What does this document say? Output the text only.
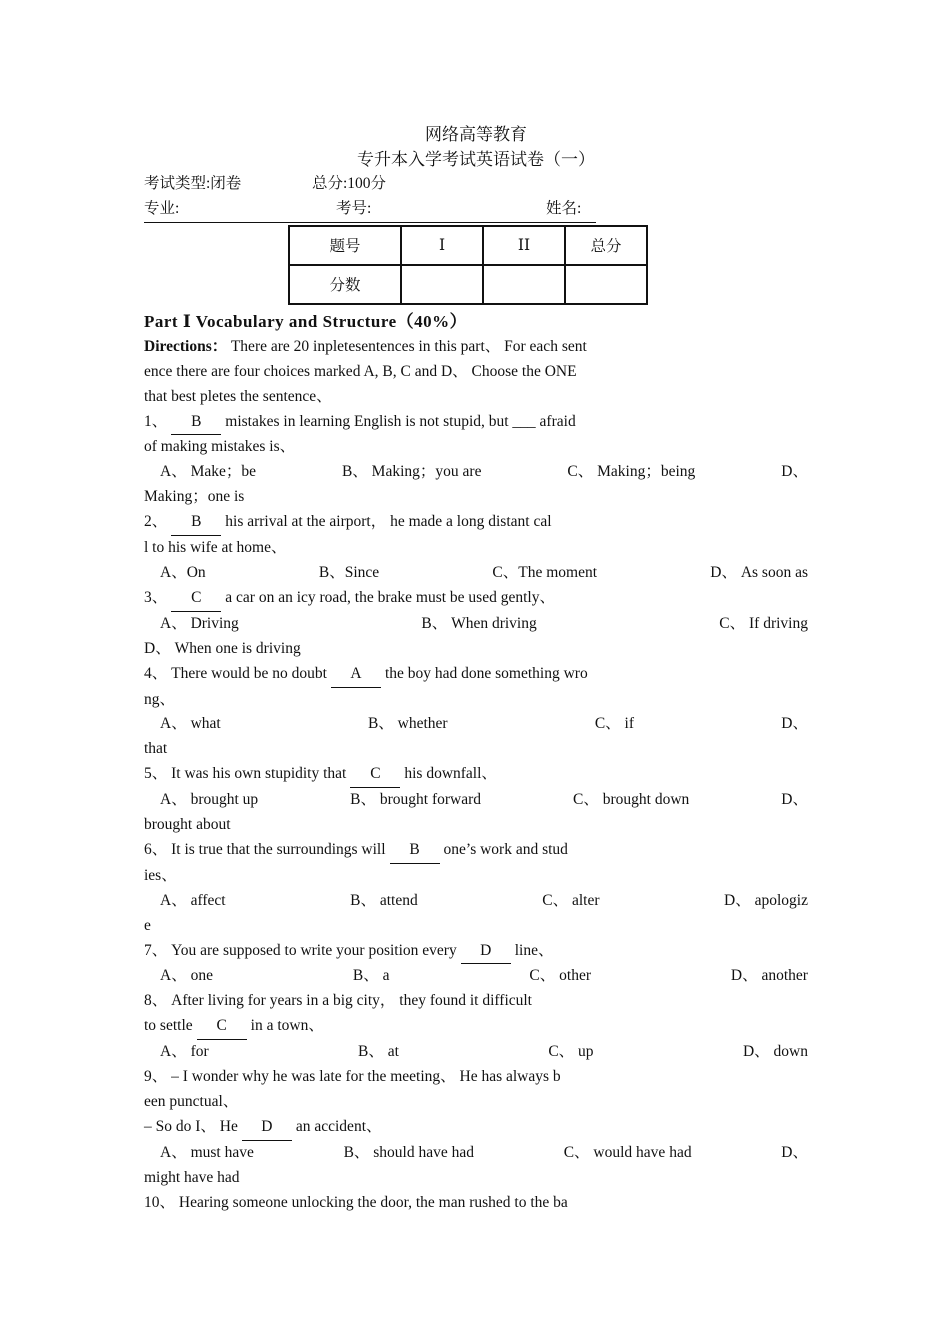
网络高等教育
专升本入学考试英语试卷（一）
考试类型:闭卷	总分:100分
专业:	考号:	姓名:
题号	Ⅰ	ⅠⅠ	总分
分数			
Part Ⅰ Vocabulary and Structure（40%）
Directions： There are 20 inpletesentences in this part、 For each sent
ence there are four choices marked A, B, C and D、 Choose the ONE
that best pletes the sentence、
1、 B mistakes in learning English is not stupid, but ___ afraid
of making mistakes is、
A、 Make；be	B、 Making；you are	C、 Making；being	D、
Making；one is
2、 B his arrival at the airport， he made a long distant cal
l to his wife at home、
A、On	B、Since	C、The moment	D、 As soon as
3、 C a car on an icy road, the brake must be used gently、
A、 Driving	B、 When driving	C、 If driving
D、 When one is driving
4、 There would be no doubt A the boy had done something wro
ng、
A、 what	B、 whether	C、 if	D、
that
5、 It was his own stupidity that C his downfall、
A、 brought up	B、 brought forward	C、 brought down	D、
brought about
6、 It is true that the surroundings will B one’s work and stud
ies、
A、 affect	B、 attend	C、 alter	D、 apologiz
e
7、 You are supposed to write your position every D line、
A、 one	B、 a	C、 other	D、 another
8、 After living for years in a big city， they found it difficult
to settle C in a town、
A、 for	B、 at	C、 up	D、 down
9、 – I wonder why he was late for the meeting、 He has always b
een punctual、
– So do I、 He D an accident、
A、 must have	B、 should have had	C、 would have had	D、
might have had
10、 Hearing someone unlocking the door, the man rushed to the ba
